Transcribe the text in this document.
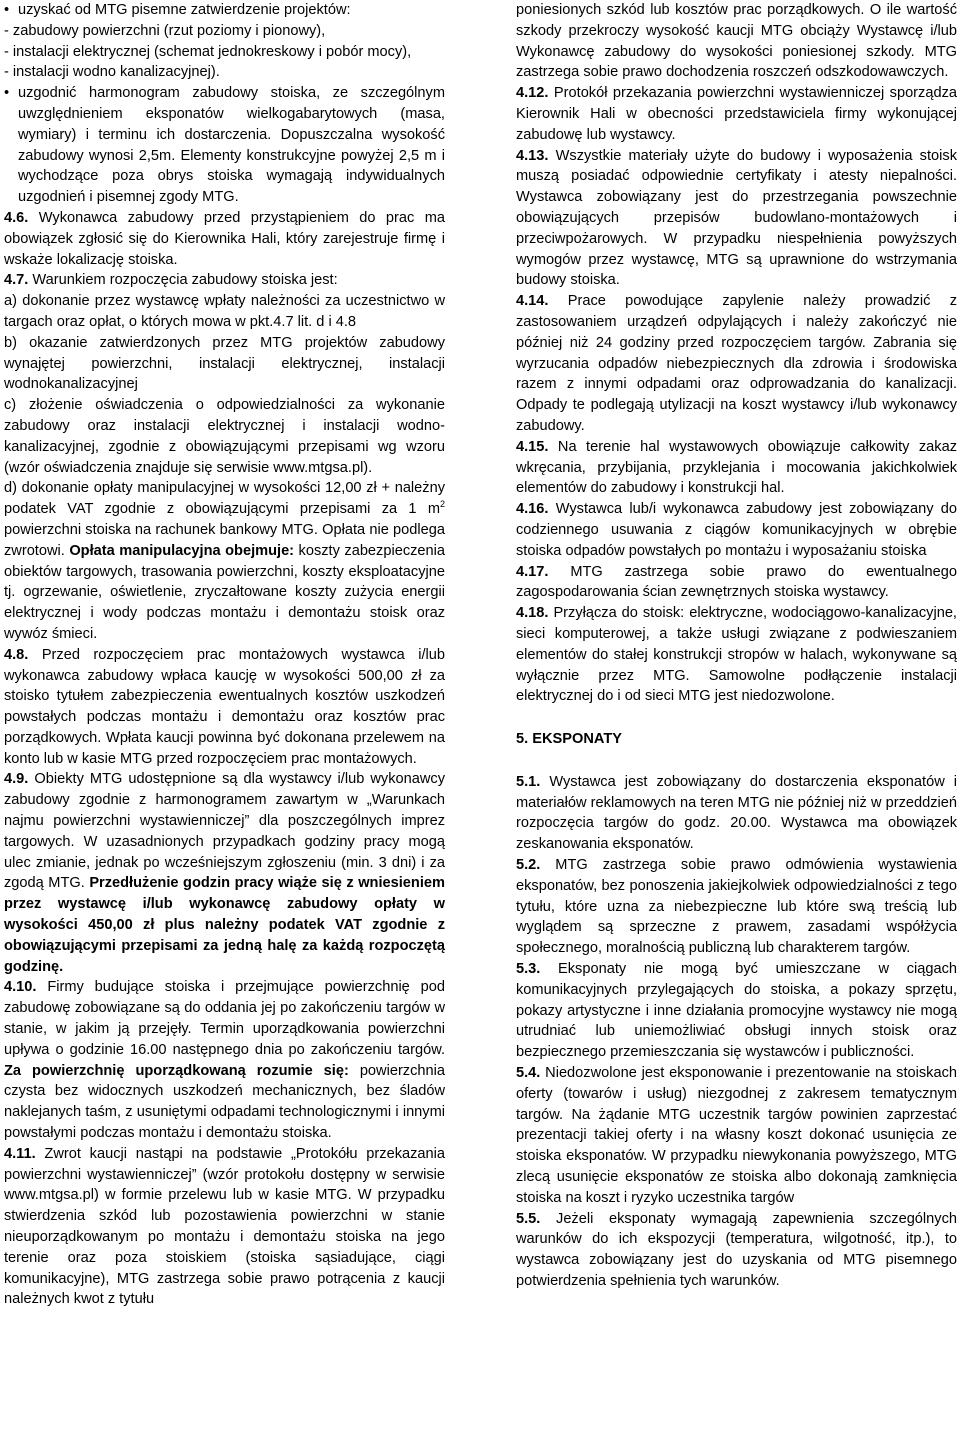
• uzyskać od MTG pisemne zatwierdzenie projektów:

- zabudowy powierzchni (rzut poziomy i pionowy),

- instalacji elektrycznej (schemat jednokreskowy i pobór mocy),

- instalacji wodno kanalizacyjnej).

• uzgodnić harmonogram zabudowy stoiska, ze szczególnym uwzględnieniem eksponatów wielkogabarytowych (masa, wymiary) i terminu ich dostarczenia. Dopuszczalna wysokość zabudowy wynosi 2,5m. Elementy konstrukcyjne powyżej 2,5 m i wychodzące poza obrys stoiska wymagają indywidualnych uzgodnień i pisemnej zgody MTG.

4.6. Wykonawca zabudowy przed przystąpieniem do prac ma obowiązek zgłosić się do Kierownika Hali, który zarejestruje firmę i wskaże lokalizację stoiska.

4.7. Warunkiem rozpoczęcia zabudowy stoiska jest:

a) dokonanie przez wystawcę wpłaty należności za uczestnictwo w targach oraz opłat, o których mowa w pkt.4.7 lit. d i 4.8

b) okazanie zatwierdzonych przez MTG projektów zabudowy wynajętej powierzchni, instalacji elektrycznej, instalacji wodnokanalizacyjnej

c) złożenie oświadczenia o odpowiedzialności za wykonanie zabudowy oraz instalacji elektrycznej i instalacji wodno-kanalizacyjnej, zgodnie z obowiązującymi przepisami wg wzoru (wzór oświadczenia znajduje się serwisie www.mtgsa.pl).

d) dokonanie opłaty manipulacyjnej w wysokości 12,00 zł + należny podatek VAT zgodnie z obowiązującymi przepisami za 1 $m^2$ powierzchni stoiska na rachunek bankowy MTG. Opłata nie podlega zwrotowi. Opłata manipulacyjna obejmuje: koszty zabezpieczenia obiektów targowych, trasowania powierzchni, koszty eksploatacyjne tj. ogrzewanie, oświetlenie, zryczałtowane koszty zużycia energii elektrycznej i wody podczas montażu i demontażu stoisk oraz wywóz śmieci.

4.8. Przed rozpoczęciem prac montażowych wystawca i/lub wykonawca zabudowy wpłaca kaucję w wysokości 500,00 zł za stoisko tytułem zabezpieczenia ewentualnych kosztów uszkodzeń powstałych podczas montażu i demontażu oraz kosztów prac porządkowych. Wpłata kaucji powinna być dokonana przelewem na konto lub w kasie MTG przed rozpoczęciem prac montażowych.

4.9. Obiekty MTG udostępnione są dla wystawcy i/lub wykonawcy zabudowy zgodnie z harmonogramem zawartym w „Warunkach najmu powierzchni wystawienniczej” dla poszczególnych imprez targowych. W uzasadnionych przypadkach godziny pracy mogą ulec zmianie, jednak po wcześniejszym zgłoszeniu (min. 3 dni) i za zgodą MTG. Przedłużenie godzin pracy wiąże się z wniesieniem przez wystawcę i/lub wykonawcę zabudowy opłaty w wysokości 450,00 zł plus należny podatek VAT zgodnie z obowiązującymi przepisami za jedną halę za każdą rozpoczętą godzinę.

4.10. Firmy budujące stoiska i przejmujące powierzchnię pod zabudowę zobowiązane są do oddania jej po zakończeniu targów w stanie, w jakim ją przejęły. Termin uporządkowania powierzchni upływa o godzinie 16.00 następnego dnia po zakończeniu targów. Za powierzchnię uporządkowaną rozumie się: powierzchnia czysta bez widocznych uszkodzeń mechanicznych, bez śladów naklejanych taśm, z usuniętymi odpadami technologicznymi i innymi powstałymi podczas montażu i demontażu stoiska.

4.11. Zwrot kaucji nastąpi na podstawie „Protokółu przekazania powierzchni wystawienniczej” (wzór protokołu dostępny w serwisie www.mtgsa.pl) w formie przelewu lub w kasie MTG. W przypadku stwierdzenia szkód lub pozostawienia powierzchni w stanie nieuporządkowanym po montażu i demontażu stoiska na jego terenie oraz poza stoiskiem (stoiska sąsiadujące, ciągi komunikacyjne), MTG zastrzega sobie prawo potrącenia z kaucji należnych kwot z tytułu

poniesionych szkód lub kosztów prac porządkowych. O ile wartość szkody przekroczy wysokość kaucji MTG obciąży Wystawcę i/lub Wykonawcę zabudowy do wysokości poniesionej szkody. MTG zastrzega sobie prawo dochodzenia roszczeń odszkodowawczych.

4.12. Protokół przekazania powierzchni wystawienniczej sporządza Kierownik Hali w obecności przedstawiciela firmy wykonującej zabudowę lub wystawcy.

4.13. Wszystkie materiały użyte do budowy i wyposażenia stoisk muszą posiadać odpowiednie certyfikaty i atesty niepalności. Wystawca zobowiązany jest do przestrzegania powszechnie obowiązujących przepisów budowlano-montażowych i przeciwpożarowych. W przypadku niespełnienia powyższych wymogów przez wystawcę, MTG są uprawnione do wstrzymania budowy stoiska.

4.14. Prace powodujące zapylenie należy prowadzić z zastosowaniem urządzeń odpylających i należy zakończyć nie później niż 24 godziny przed rozpoczęciem targów. Zabrania się wyrzucania odpadów niebezpiecznych dla zdrowia i środowiska razem z innymi odpadami oraz odprowadzania do kanalizacji. Odpady te podlegają utylizacji na koszt wystawcy i/lub wykonawcy zabudowy.

4.15. Na terenie hal wystawowych obowiązuje całkowity zakaz wkręcania, przybijania, przyklejania i mocowania jakichkolwiek elementów do zabudowy i konstrukcji hal.

4.16. Wystawca lub/i wykonawca zabudowy jest zobowiązany do codziennego usuwania z ciągów komunikacyjnych w obrębie stoiska odpadów powstałych po montażu i wyposażaniu stoiska

4.17. MTG zastrzega sobie prawo do ewentualnego zagospodarowania ścian zewnętrznych stoiska wystawcy.

4.18. Przyłącza do stoisk: elektryczne, wodociągowo-kanalizacyjne, sieci komputerowej, a także usługi związane z podwieszaniem elementów do stałej konstrukcji stropów w halach, wykonywane są wyłącznie przez MTG. Samowolne podłączenie instalacji elektrycznej do i od sieci MTG jest niedozwolone.

5. EKSPONATY

5.1. Wystawca jest zobowiązany do dostarczenia eksponatów i materiałów reklamowych na teren MTG nie później niż w przeddzień rozpoczęcia targów do godz. 20.00. Wystawca ma obowiązek zeskanowania eksponatów.

5.2. MTG zastrzega sobie prawo odmówienia wystawienia eksponatów, bez ponoszenia jakiejkolwiek odpowiedzialności z tego tytułu, które uzna za niebezpieczne lub które swą treścią lub wyglądem są sprzeczne z prawem, zasadami współżycia społecznego, moralnością publiczną lub charakterem targów.

5.3. Eksponaty nie mogą być umieszczane w ciągach komunikacyjnych przylegających do stoiska, a pokazy sprzętu, pokazy artystyczne i inne działania promocyjne wystawcy nie mogą utrudniać lub uniemożliwiać obsługi innych stoisk oraz bezpiecznego przemieszczania się wystawców i publiczności.

5.4. Niedozwolone jest eksponowanie i prezentowanie na stoiskach oferty (towarów i usług) niezgodnej z zakresem tematycznym targów. Na żądanie MTG uczestnik targów powinien zaprzestać prezentacji takiej oferty i na własny koszt dokonać usunięcia ze stoiska eksponatów. W przypadku niewykonania powyższego, MTG zlecą usunięcie eksponatów ze stoiska albo dokonają zamknięcia stoiska na koszt i ryzyko uczestnika targów

5.5. Jeżeli eksponaty wymagają zapewnienia szczególnych warunków do ich ekspozycji (temperatura, wilgotność, itp.), to wystawca zobowiązany jest do uzyskania od MTG pisemnego potwierdzenia spełnienia tych warunków.
